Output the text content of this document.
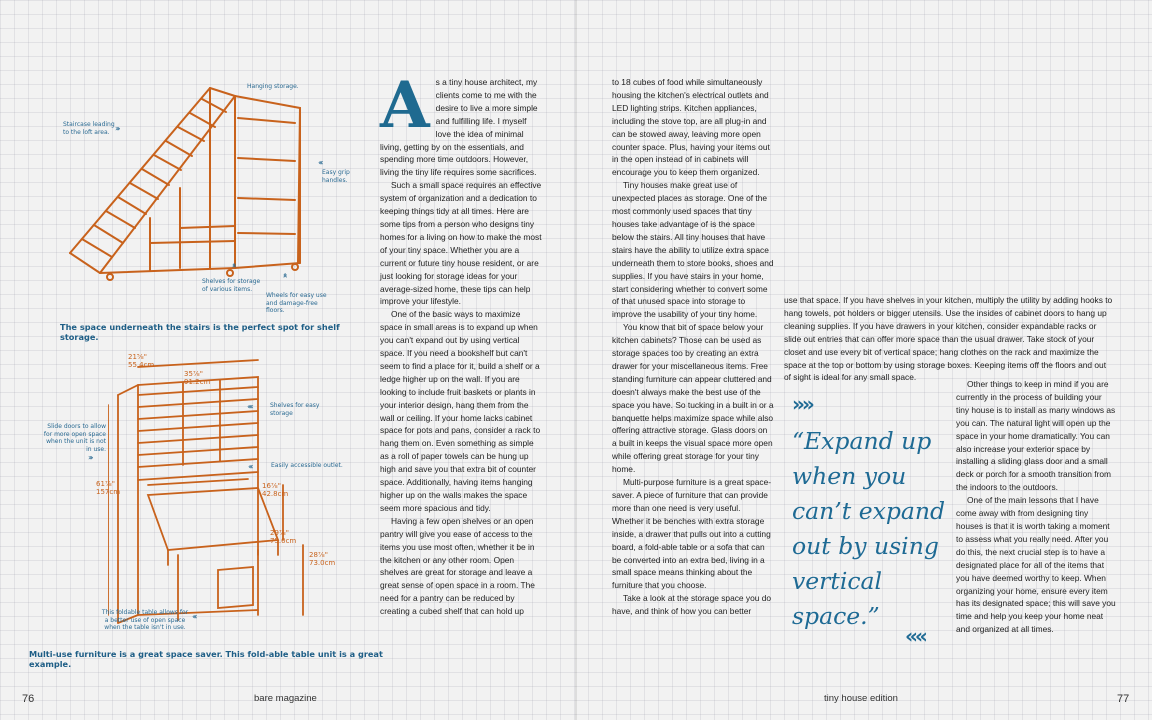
Hanging storage.
Staircase leading to the loft area. ›››
Easy grip handles.
‹‹‹
Shelves for storage of various items.
›››
Wheels for easy use and damage-free floors.
›››
The space underneath the stairs is the perfect spot for shelf storage.
21⅝"
55.4cm
35⅞"
91.2cm
61⅞"
157cm
16⅞"
42.8cm
29⅞"
75.0cm
28⅞"
73.0cm
‹‹‹‹	Shelves for easy storage
‹‹‹	Easily accessible outlet.
Slide doors to allow for more open space when the unit is not in use.
›››
This foldable table allows for a better use of open space when the table isn't in use.
‹‹‹
Multi-use furniture is a great space saver. This fold-able table unit is a great example.
A s a tiny house architect, my clients come to me with the desire to live a more simple and fulfilling life. I myself love the idea of minimal living, getting by on the essentials, and spending more time outdoors. However, living the tiny life requires some sacrifices.

Such a small space requires an effective system of organization and a dedication to keeping things tidy at all times. Here are some tips from a person who designs tiny homes for a living on how to make the most of your tiny space. Whether you are a current or future tiny house resident, or are just looking for storage ideas for your average-sized home, these tips can help improve your lifestyle.

One of the basic ways to maximize space in small areas is to expand up when you can't expand out by using vertical space. If you need a bookshelf but can't seem to find a place for it, build a shelf or a ledge higher up on the wall. If you are looking to include fruit baskets or plants in your interior design, hang them from the wall or ceiling. If your home lacks cabinet space for pots and pans, consider a rack to hang them on. Even something as simple as a roll of paper towels can be hung up high and save you that extra bit of counter space. Additionally, having items hanging higher up on the walls makes the space seem more spacious and tidy.

Having a few open shelves or an open pantry will give you ease of access to the items you use most often, whether it be in the kitchen or any other room. Open shelves are great for storage and leave a great sense of open space in a room. The need for a pantry can be reduced by creating a cubed shelf that can hold up

to 18 cubes of food while simultaneously housing the kitchen's electrical outlets and LED lighting strips. Kitchen appliances, including the stove top, are all plug-in and can be stowed away, leaving more open counter space. Plus, having your items out in the open instead of in cabinets will encourage you to keep them organized.

Tiny houses make great use of unexpected places as storage. One of the most commonly used spaces that tiny houses take advantage of is the space below the stairs. All tiny houses that have stairs have the ability to utilize extra space underneath them to store books, shoes and supplies. If you have stairs in your home, start considering whether to convert some of that unused space into storage to improve the usability of your tiny home.

You know that bit of space below your kitchen cabinets? Those can be used as storage spaces too by creating an extra drawer for your miscellaneous items. Free standing furniture can appear cluttered and doesn't always make the best use of the space you have. So tucking in a built in or a banquette helps maximize space while also offering attractive storage. Glass doors on a built in keeps the visual space more open while offering great storage for your tiny home.

Multi-purpose furniture is a great space-saver. A piece of furniture that can provide more than one need is very useful. Whether it be benches with extra storage inside, a drawer that pulls out into a cutting board, a fold-able table or a sofa that can be converted into an extra bed, living in a small space means thinking about the furniture that you choose.

Take a look at the storage space you do have, and think of how you can better

use that space. If you have shelves in your kitchen, multiply the utility by adding hooks to hang towels, pot holders or bigger utensils. Use the insides of cabinet doors to hang up cleaning supplies. If you have drawers in your kitchen, consider expandable racks or slide out entries that can offer more space than the usual drawer. Take stock of your closet and use every bit of vertical space; hang clothes on the rack and maximize the space at the top or bottom by using storage boxes. Keeping items off the floors and out of sight is ideal for any small space.

»»

“Expand up when you can’t expand out by using vertical space.”

««

Other things to keep in mind if you are currently in the process of building your tiny house is to install as many windows as you can. The natural light will open up the space in your home dramatically. You can also increase your exterior space by installing a sliding glass door and a small deck or porch for a smooth transition from the indoors to the outdoors.

One of the main lessons that I have come away with from designing tiny houses is that it is worth taking a moment to assess what you really need. After you do this, the next crucial step is to have a designated place for all of the items that you have deemed worthy to keep. When organizing your home, ensure every item has its designated space; this will save you time and help you keep your home neat and organized at all times.

76	bare magazine	tiny house edition	77
